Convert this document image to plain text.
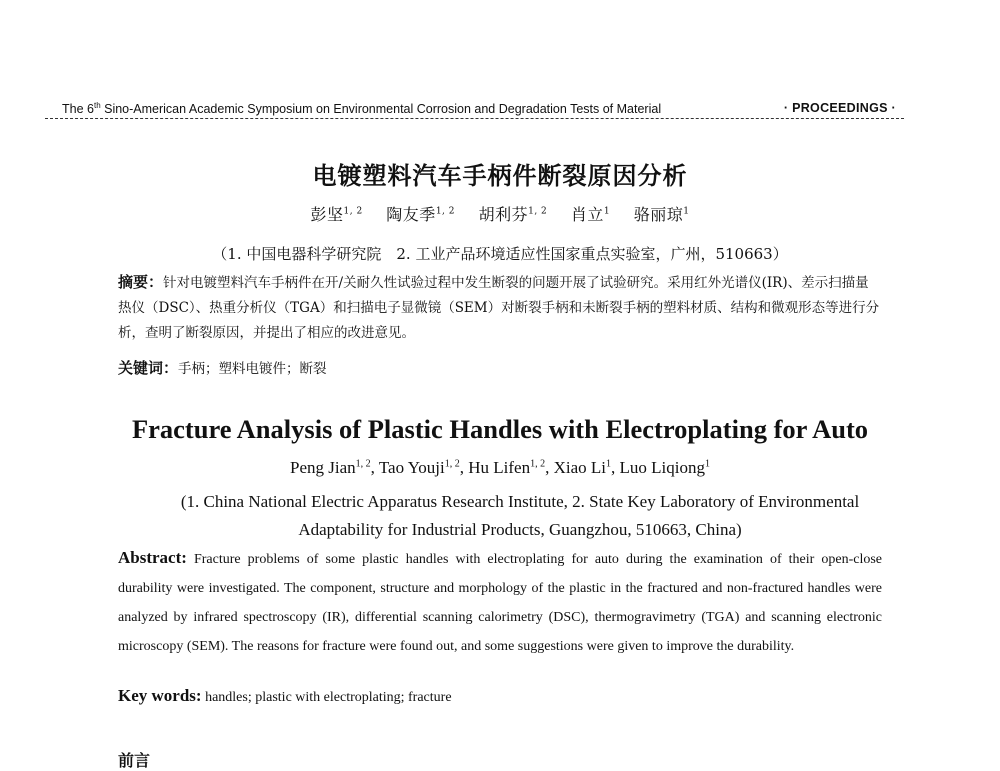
The 6th Sino-American Academic Symposium on Environmental Corrosion and Degradation Tests of Material	· PROCEEDINGS ·
电镀塑料汽车手柄件断裂原因分析
彭坚$^{1, 2}$ 陶友季$^{1, 2}$ 胡利芬$^{1, 2}$ 肖立$^1$ 骆丽琼$^1$
（1. 中国电器科学研究院　2. 工业产品环境适应性国家重点实验室，广州，510663）
摘要：针对电镀塑料汽车手柄件在开/关耐久性试验过程中发生断裂的问题开展了试验研究。采用红外光谱仪(IR)、差示扫描量热仪（DSC）、热重分析仪（TGA）和扫描电子显微镜（SEM）对断裂手柄和未断裂手柄的塑料材质、结构和微观形态等进行分析，查明了断裂原因，并提出了相应的改进意见。
关键词：手柄；塑料电镀件；断裂
Fracture Analysis of Plastic Handles with Electroplating for Auto
Peng Jian$^{1, 2}$, Tao Youji$^{1, 2}$, Hu Lifen$^{1, 2}$, Xiao Li$^1$, Luo Liqiong$^1$
(1. China National Electric Apparatus Research Institute, 2. State Key Laboratory of Environmental
Adaptability for Industrial Products, Guangzhou, 510663, China)
Abstract: Fracture problems of some plastic handles with electroplating for auto during the examination of their open-close durability were investigated. The component, structure and morphology of the plastic in the fractured and non-fractured handles were analyzed by infrared spectroscopy (IR), differential scanning calorimetry (DSC), thermogravimetry (TGA) and scanning electronic microscopy (SEM). The reasons for fracture were found out, and some suggestions were given to improve the durability.
Key words: handles; plastic with electroplating; fracture
前言
